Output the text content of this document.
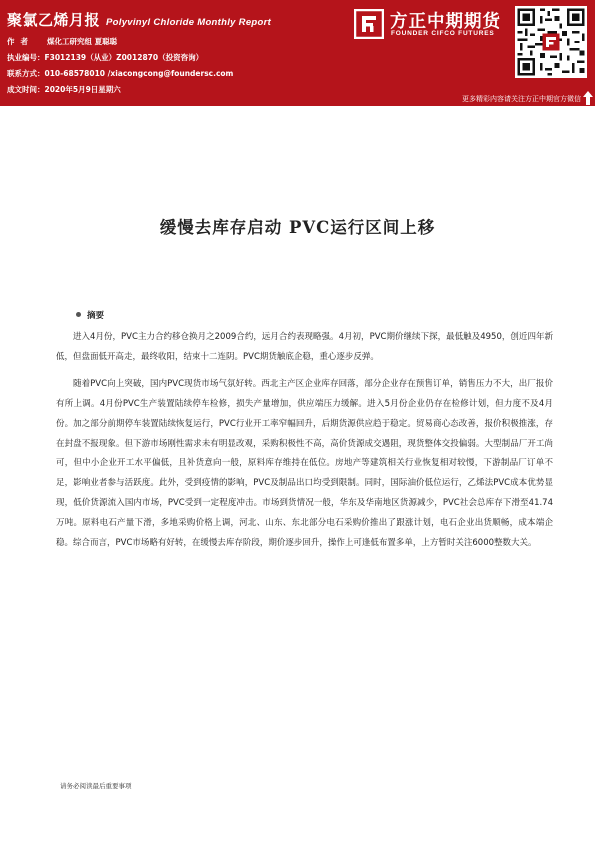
聚氯乙烯月报 Polyvinyl Chloride Monthly Report
作者 煤化工研究组 夏聪聪
执业编号：F3012139（从业）Z0012870（投资咨询）
联系方式：010-68578010 /xiacongcong@foundersc.com
成文时间：2020年5月9日星期六
方正中期期货
FOUNDER CIFCO FUTURES
更多精彩内容请关注方正中期官方微信
缓慢去库存启动 PVC运行区间上移
摘要

进入4月份，PVC主力合约移仓换月之2009合约，远月合约表现略强。4月初，PVC期价继续下探，最低触及4950，创近四年新低，但盘面低开高走，最终收阳，结束十二连阴。PVC期货触底企稳，重心逐步反弹。

随着PVC向上突破，国内PVC现货市场气氛好转。西北主产区企业库存回落，部分企业存在预售订单，销售压力不大，出厂报价有所上调。4月份PVC生产装置陆续停车检修，损失产量增加，供应端压力缓解。进入5月份企业仍存在检修计划，但力度不及4月份。加之部分前期停车装置陆续恢复运行，PVC行业开工率窄幅回升，后期货源供应趋于稳定。贸易商心态改善，报价积极推涨，存在封盘不报现象。但下游市场刚性需求未有明显改观，采购积极性不高，高价货源成交遇阻，现货整体交投偏弱。大型制品厂开工尚可，但中小企业开工水平偏低，且补货意向一般，原料库存维持在低位。房地产等建筑相关行业恢复相对较慢，下游制品厂订单不足，影响业者参与活跃度。此外，受到疫情的影响，PVC及制品出口均受到限制。同时，国际油价低位运行，乙烯法PVC成本优势显现，低价货源流入国内市场，PVC受到一定程度冲击。市场到货情况一般，华东及华南地区货源减少，PVC社会总库存下滑至41.74万吨。原料电石产量下滑，多地采购价格上调，河北、山东、东北部分电石采购价推出了跟涨计划，电石企业出货顺畅，成本端企稳。综合而言，PVC市场略有好转，在缓慢去库存阶段，期价逐步回升，操作上可逢低布置多单，上方暂时关注6000整数大关。

请务必阅读最后重要事项
